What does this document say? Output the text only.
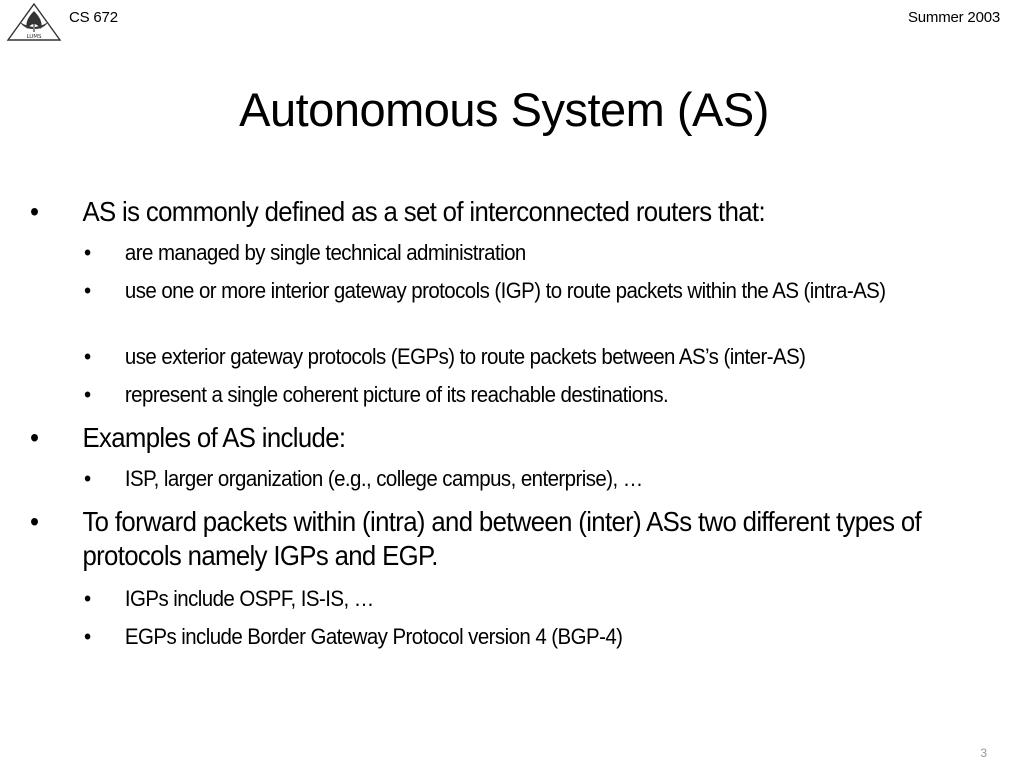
LUMS
CS 672	Summer 2003
Autonomous System (AS)
• AS is commonly defined as a set of interconnected routers that:
• are managed by single technical administration
• use one or more interior gateway protocols (IGP) to route packets within the AS (intra-AS)
• use exterior gateway protocols (EGPs) to route packets between AS’s (inter-AS)
• represent a single coherent picture of its reachable destinations.
• Examples of AS include:
• ISP, larger organization (e.g., college campus, enterprise), …
• To forward packets within (intra) and between (inter) ASs two different types of protocols namely IGPs and EGP.
• IGPs include OSPF, IS-IS, …
• EGPs include Border Gateway Protocol version 4 (BGP-4)
3
